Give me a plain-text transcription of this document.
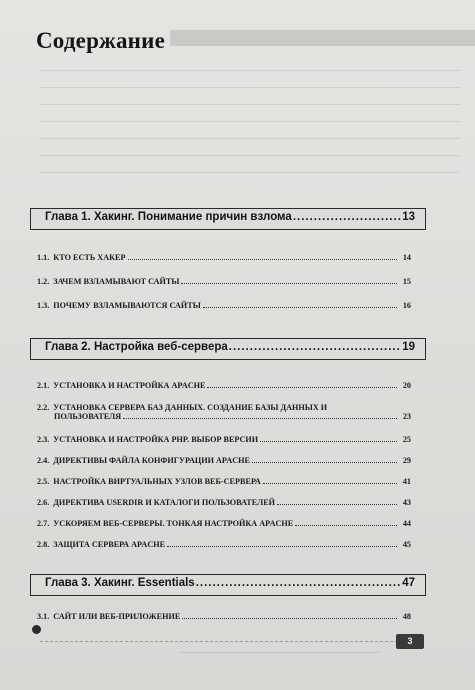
Содержание
Глава 1. Хакинг. Понимание причин взлома .....	13
1.1. КТО ЕСТЬ ХАКЕР	14
1.2. ЗАЧЕМ ВЗЛАМЫВАЮТ САЙТЫ	15
1.3. ПОЧЕМУ ВЗЛАМЫВАЮТСЯ САЙТЫ	16
Глава 2. Настройка веб-сервера .....	19
2.1. УСТАНОВКА И НАСТРОЙКА APACHE	20
2.2. УСТАНОВКА СЕРВЕРА БАЗ ДАННЫХ. СОЗДАНИЕ БАЗЫ ДАННЫХ И
ПОЛЬЗОВАТЕЛЯ	23
2.3. УСТАНОВКА И НАСТРОЙКА PHP. ВЫБОР ВЕРСИИ	25
2.4. ДИРЕКТИВЫ ФАЙЛА КОНФИГУРАЦИИ APACHE	29
2.5. НАСТРОЙКА ВИРТУАЛЬНЫХ УЗЛОВ ВЕБ-СЕРВЕРА	41
2.6. ДИРЕКТИВА USERDIR И КАТАЛОГИ ПОЛЬЗОВАТЕЛЕЙ	43
2.7. УСКОРЯЕМ ВЕБ-СЕРВЕРЫ. ТОНКАЯ НАСТРОЙКА APACHE	44
2.8. ЗАЩИТА СЕРВЕРА APACHE	45
Глава 3. Хакинг. Essentials .....	47
3.1. САЙТ ИЛИ ВЕБ-ПРИЛОЖЕНИЕ	48
3
